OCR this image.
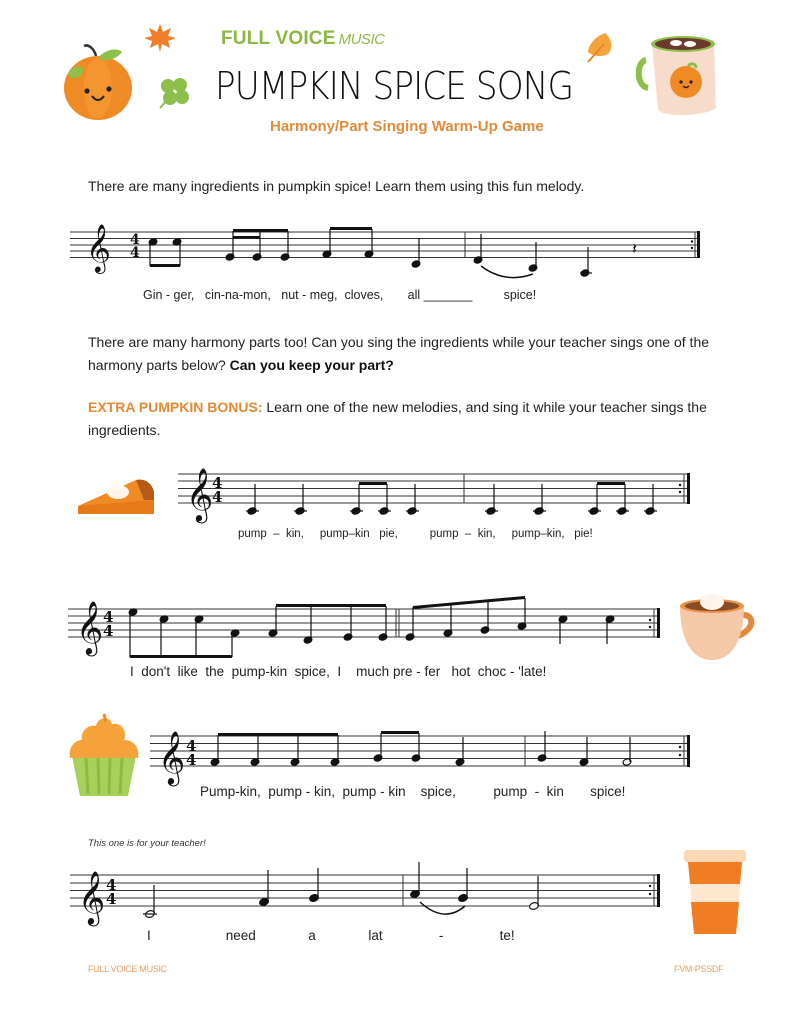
FULL VOICE MUSIC
PUMPKIN SPICE SONG
Harmony/Part Singing Warm-Up Game
There are many ingredients in pumpkin spice! Learn them using this fun melody.
𝄞 4
4	𝄽
Gin - ger,   cin-na-mon,   nut - meg,  cloves,       all _______         spice!
There are many harmony parts too! Can you sing the ingredients while your teacher sings one of the harmony parts below? Can you keep your part?
EXTRA PUMPKIN BONUS: Learn one of the new melodies, and sing it while your teacher sings the ingredients.
𝄞
4
4
pump  –  kin,     pump–kin   pie,          pump  –  kin,     pump–kin,   pie!
𝄞 4
4
I  don't  like  the  pump-kin  spice,  I    much pre - fer   hot  choc - 'late!
𝄞 4
4
Pump-kin,  pump - kin,  pump - kin    spice,          pump  -  kin       spice!
This one is for your teacher!
𝄞 4
4
I                    need              a              lat               -               te!
FULL VOICE MUSIC	FVM-PSSDF
